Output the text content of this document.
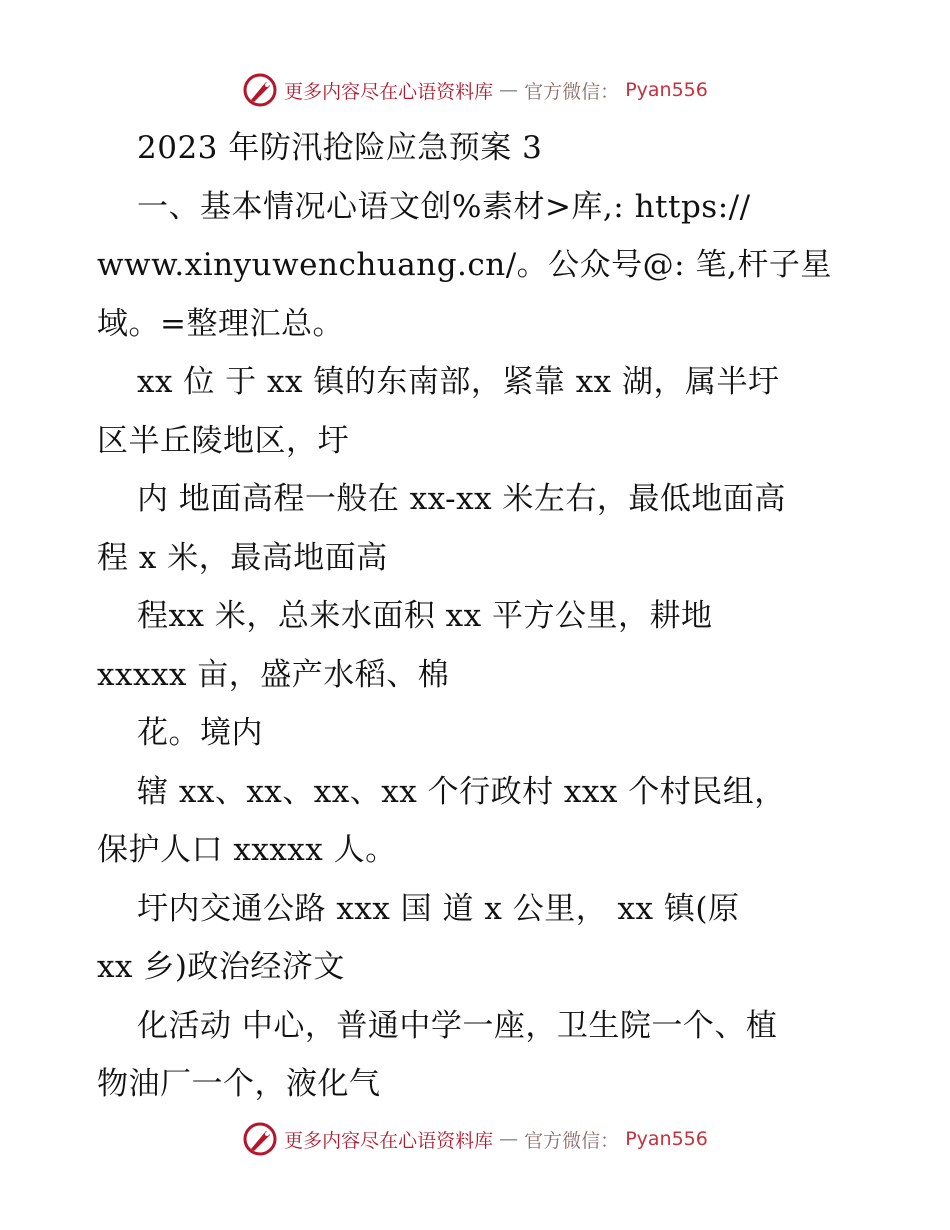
更多内容尽在心语资料库 — 官方微信： Pyan556
2023 年防汛抢险应急预案 3
一、基本情况心语文创%素材>库,: https://
www.xinyuwenchuang.cn/。公众号@: 笔,杆子星
域。=整理汇总。
xx 位 于 xx 镇的东南部，紧靠 xx 湖，属半圩
区半丘陵地区，圩
内 地面高程一般在 xx-xx 米左右，最低地面高
程 x 米，最高地面高
程xx 米，总来水面积 xx 平方公里，耕地
xxxxx 亩，盛产水稻、棉
花。境内
辖 xx、xx、xx、xx 个行政村 xxx 个村民组，
保护人口 xxxxx 人。
圩内交通公路 xxx 国 道 x 公里， xx 镇(原
xx 乡)政治经济文
化活动 中心，普通中学一座，卫生院一个、植
物油厂一个，液化气
更多内容尽在心语资料库 — 官方微信： Pyan556
